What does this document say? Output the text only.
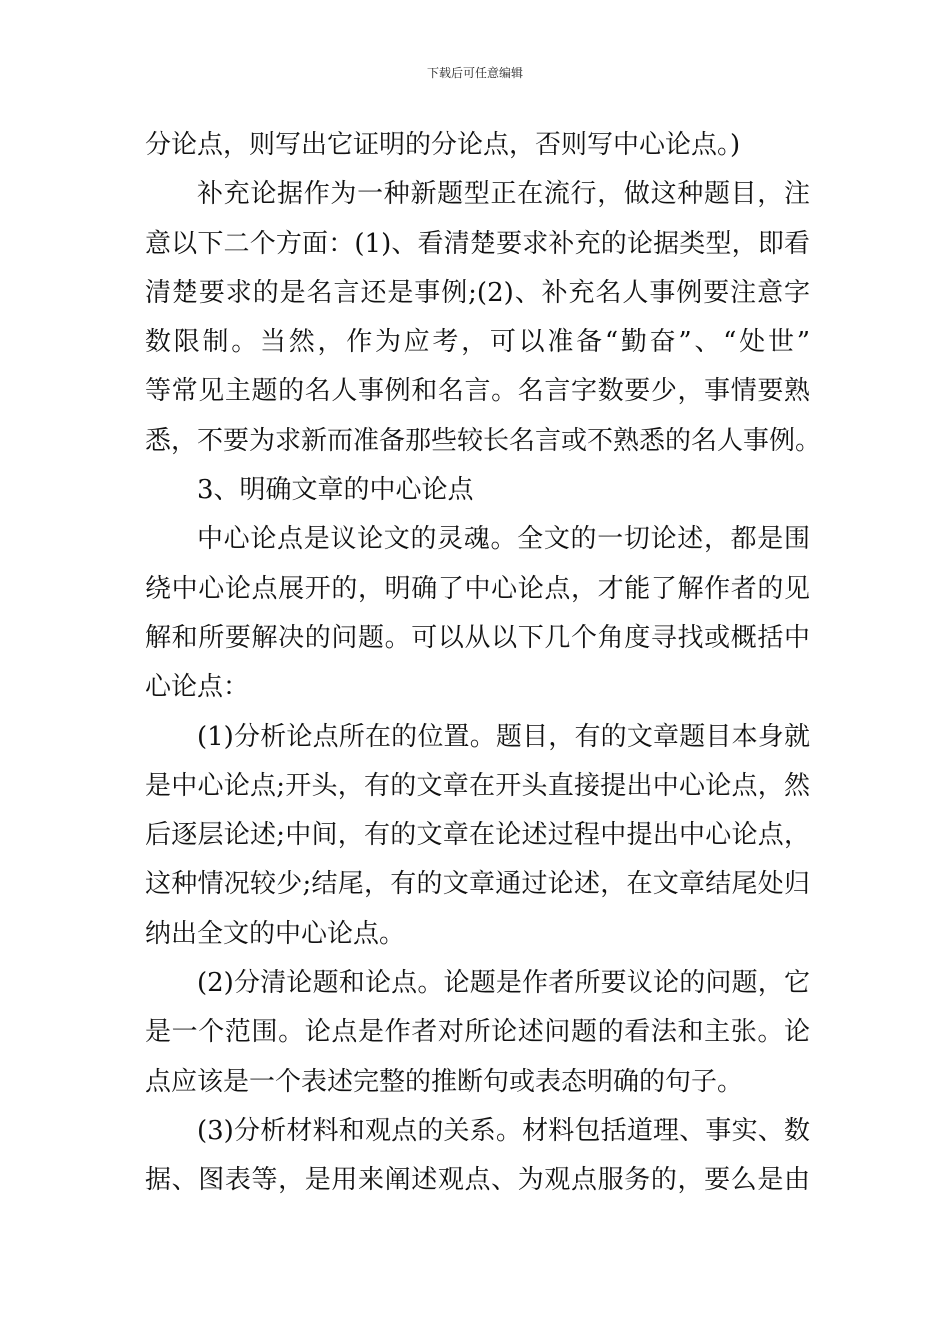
下载后可任意编辑
分论点，则写出它证明的分论点，否则写中心论点。)
补充论据作为一种新题型正在流行，做这种题目，注
意以下二个方面：(1)、看清楚要求补充的论据类型，即看
清楚要求的是名言还是事例;(2)、补充名人事例要注意字
数限制。当然，作为应考，可以准备“勤奋”、“处世”
等常见主题的名人事例和名言。名言字数要少，事情要熟
悉，不要为求新而准备那些较长名言或不熟悉的名人事例。
3、明确文章的中心论点
中心论点是议论文的灵魂。全文的一切论述，都是围
绕中心论点展开的，明确了中心论点，才能了解作者的见
解和所要解决的问题。可以从以下几个角度寻找或概括中
心论点：
(1)分析论点所在的位置。题目，有的文章题目本身就
是中心论点;开头，有的文章在开头直接提出中心论点，然
后逐层论述;中间，有的文章在论述过程中提出中心论点，
这种情况较少;结尾，有的文章通过论述，在文章结尾处归
纳出全文的中心论点。
(2)分清论题和论点。论题是作者所要议论的问题，它
是一个范围。论点是作者对所论述问题的看法和主张。论
点应该是一个表述完整的推断句或表态明确的句子。
(3)分析材料和观点的关系。材料包括道理、事实、数
据、图表等，是用来阐述观点、为观点服务的，要么是由
